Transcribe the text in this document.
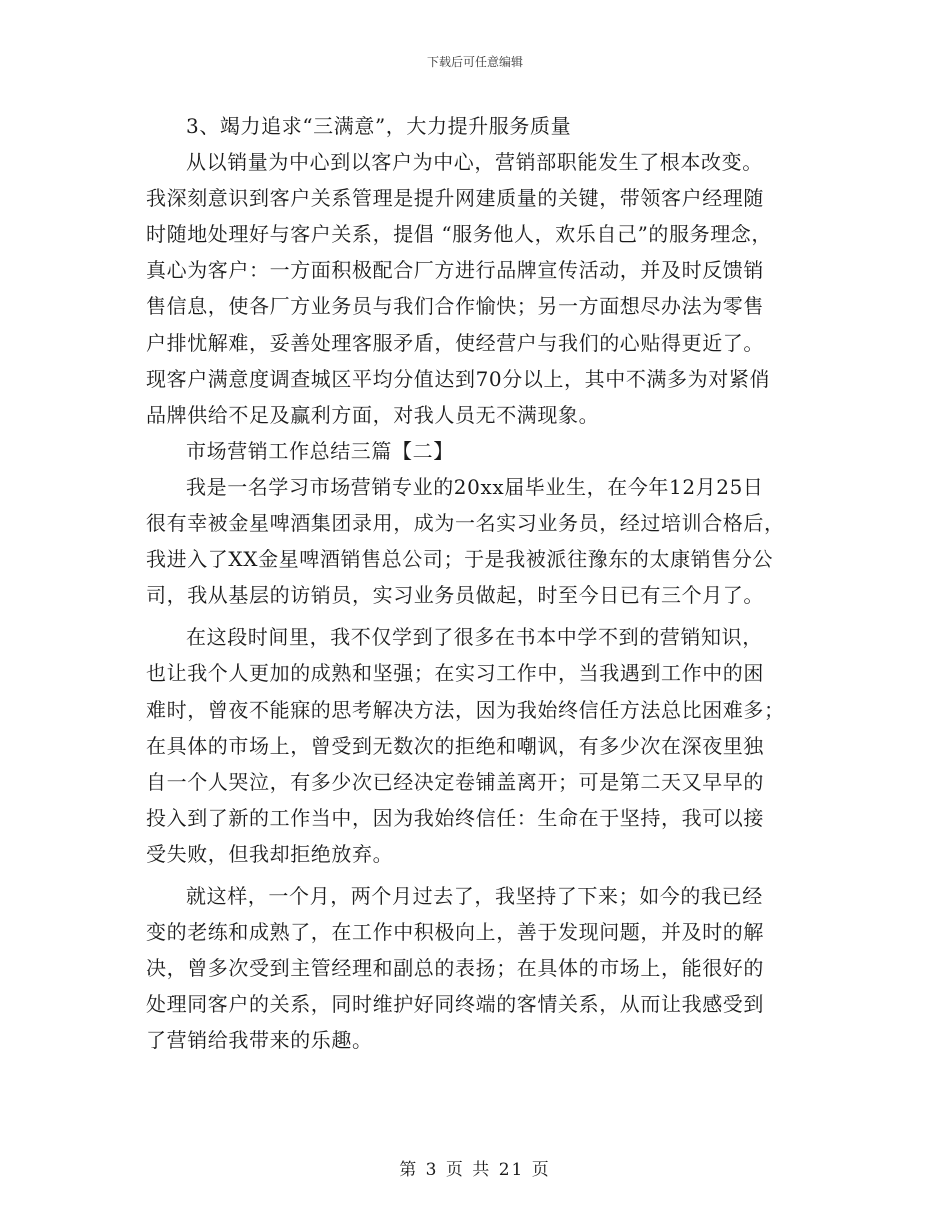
下载后可任意编辑
3、竭力追求“三满意”，大力提升服务质量
从以销量为中心到以客户为中心，营销部职能发生了根本改变。
我深刻意识到客户关系管理是提升网建质量的关键，带领客户经理随
时随地处理好与客户关系，提倡 “服务他人，欢乐自己”的服务理念，
真心为客户：一方面积极配合厂方进行品牌宣传活动，并及时反馈销
售信息，使各厂方业务员与我们合作愉快；另一方面想尽办法为零售
户排忧解难，妥善处理客服矛盾，使经营户与我们的心贴得更近了。
现客户满意度调查城区平均分值达到70分以上，其中不满多为对紧俏
品牌供给不足及赢利方面，对我人员无不满现象。
市场营销工作总结三篇【二】
我是一名学习市场营销专业的20xx届毕业生，在今年12月25日
很有幸被金星啤酒集团录用，成为一名实习业务员，经过培训合格后，
我进入了XX金星啤酒销售总公司；于是我被派往豫东的太康销售分公
司，我从基层的访销员，实习业务员做起，时至今日已有三个月了。
在这段时间里，我不仅学到了很多在书本中学不到的营销知识，
也让我个人更加的成熟和坚强；在实习工作中，当我遇到工作中的困
难时，曾夜不能寐的思考解决方法，因为我始终信任方法总比困难多；
在具体的市场上，曾受到无数次的拒绝和嘲讽，有多少次在深夜里独
自一个人哭泣，有多少次已经决定卷铺盖离开；可是第二天又早早的
投入到了新的工作当中，因为我始终信任：生命在于坚持，我可以接
受失败，但我却拒绝放弃。
就这样，一个月，两个月过去了，我坚持了下来；如今的我已经
变的老练和成熟了，在工作中积极向上，善于发现问题，并及时的解
决，曾多次受到主管经理和副总的表扬；在具体的市场上，能很好的
处理同客户的关系，同时维护好同终端的客情关系，从而让我感受到
了营销给我带来的乐趣。
第 3 页 共 21 页
